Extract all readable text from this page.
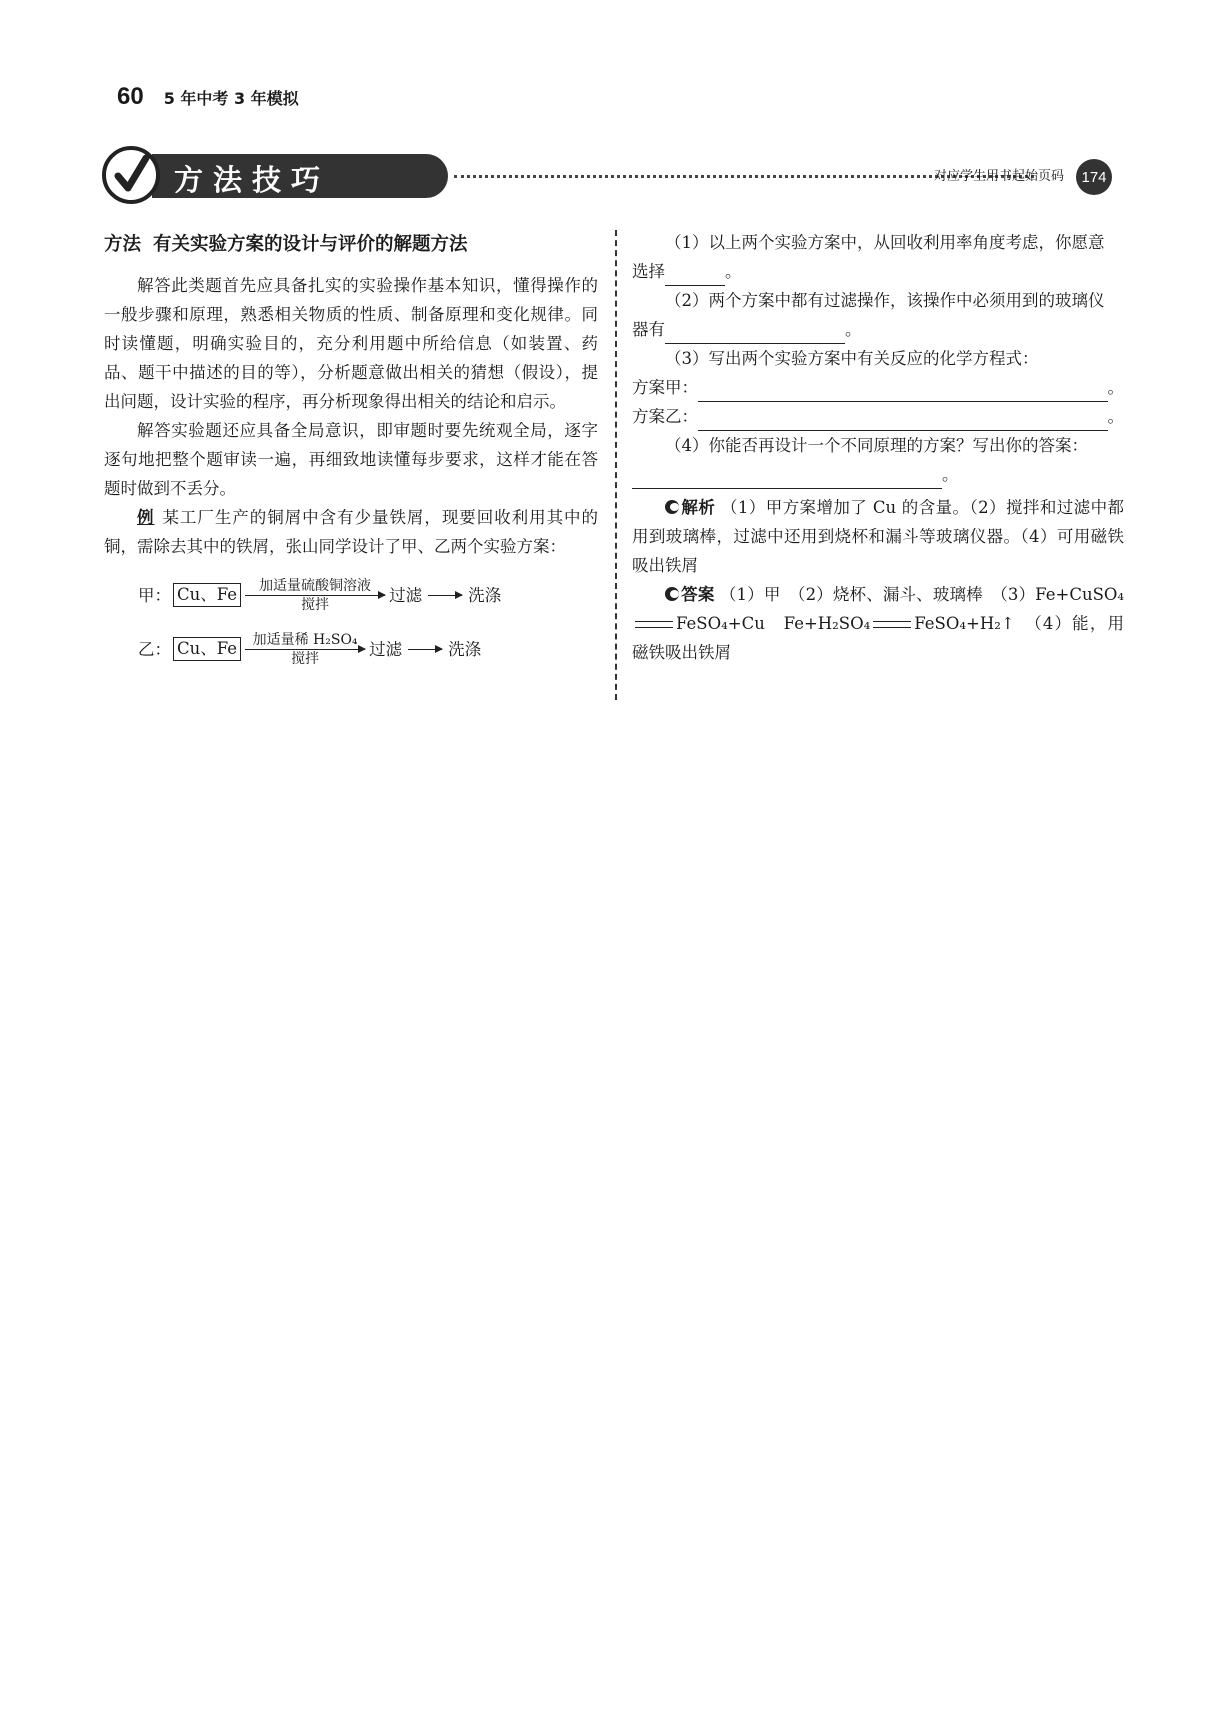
60 5 年中考 3 年模拟
方法技巧	对应学生用书起始页码	174
方法 有关实验方案的设计与评价的解题方法

解答此类题首先应具备扎实的实验操作基本知识，懂得操作的一般步骤和原理，熟悉相关物质的性质、制备原理和变化规律。同时读懂题，明确实验目的，充分利用题中所给信息（如装置、药品、题干中描述的目的等），分析题意做出相关的猜想（假设），提出问题，设计实验的程序，再分析现象得出相关的结论和启示。

解答实验题还应具备全局意识，即审题时要先统观全局，逐字逐句地把整个题审读一遍，再细致地读懂每步要求，这样才能在答题时做到不丢分。

例 某工厂生产的铜屑中含有少量铁屑，现要回收利用其中的铜，需除去其中的铁屑，张山同学设计了甲、乙两个实验方案：

甲： Cu、Fe 加适量硫酸铜溶液
搅拌	过滤	洗涤
乙： Cu、Fe 加适量稀 H₂SO₄
搅拌	过滤	洗涤

（1）以上两个实验方案中，从回收利用率角度考虑，你愿意

选择	。

（2）两个方案中都有过滤操作，该操作中必须用到的玻璃仪

器有	。

（3）写出两个实验方案中有关反应的化学方程式：

方案甲：	。
方案乙：	。

（4）你能否再设计一个不同原理的方案？写出你的答案：

。

解析 （1）甲方案增加了 Cu 的含量。（2）搅拌和过滤中都用到玻璃棒，过滤中还用到烧杯和漏斗等玻璃仪器。（4）可用磁铁吸出铁屑

答案 （1）甲　（2）烧杯、漏斗、玻璃棒　（3）Fe+CuSO₄FeSO₄+Cu　Fe+H₂SO₄	FeSO₄+H₂↑　（4）能，用磁铁吸出铁屑
